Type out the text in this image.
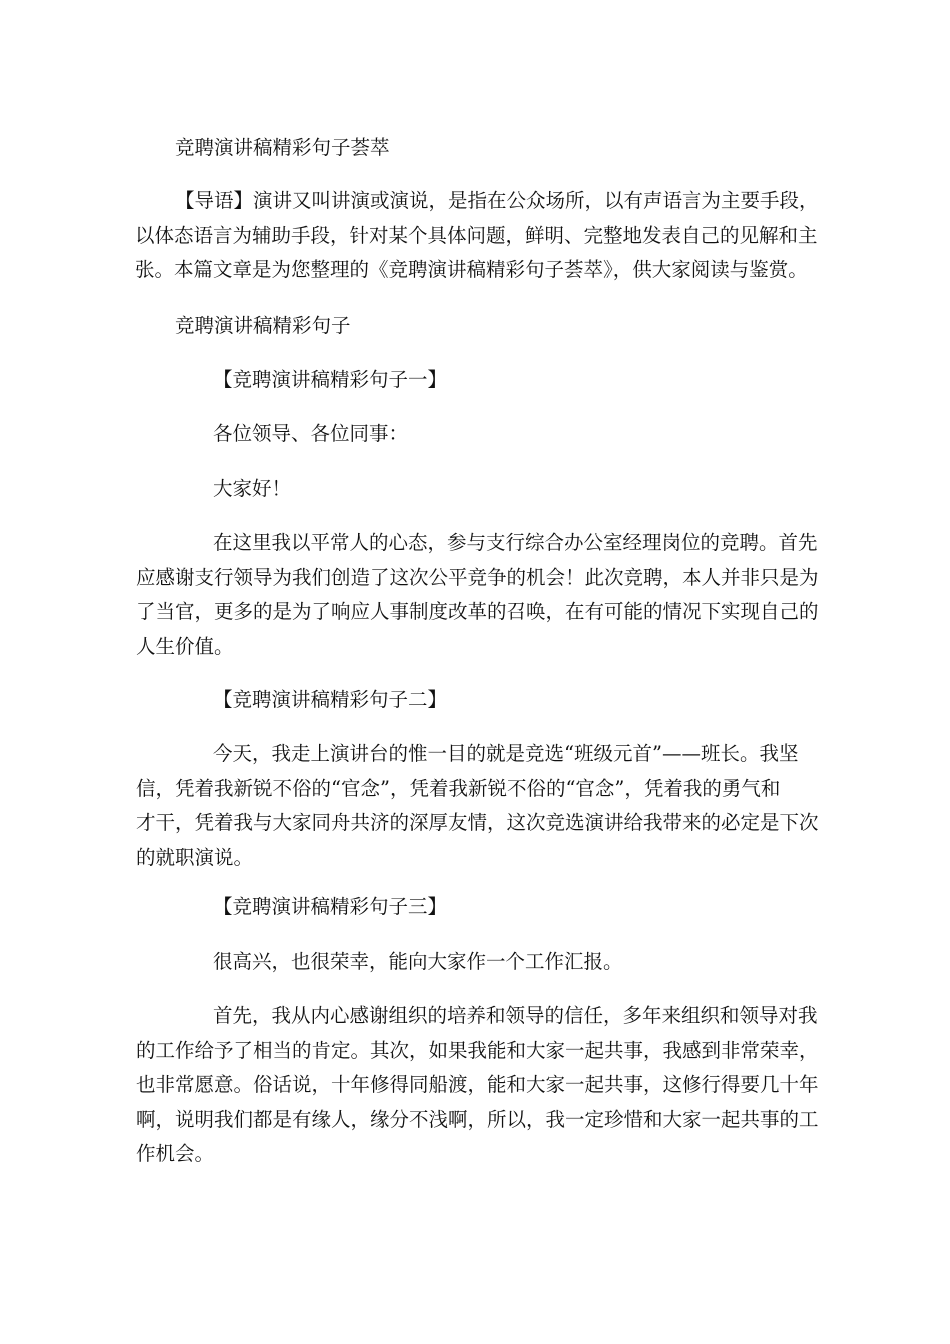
竞聘演讲稿精彩句子荟萃

【导语】演讲又叫讲演或演说，是指在公众场所，以有声语言为主要手段，
以体态语言为辅助手段，针对某个具体问题，鲜明、完整地发表自己的见解和主
张。本篇文章是为您整理的《竞聘演讲稿精彩句子荟萃》，供大家阅读与鉴赏。

竞聘演讲稿精彩句子

【竞聘演讲稿精彩句子一】

各位领导、各位同事：

大家好！

在这里我以平常人的心态，参与支行综合办公室经理岗位的竞聘。首先
应感谢支行领导为我们创造了这次公平竞争的机会！此次竞聘，本人并非只是为
了当官，更多的是为了响应人事制度改革的召唤，在有可能的情况下实现自己的
人生价值。

【竞聘演讲稿精彩句子二】

今天，我走上演讲台的惟一目的就是竞选“班级元首”——班长。我坚
信，凭着我新锐不俗的“官念”，凭着我新锐不俗的“官念”，凭着我的勇气和
才干，凭着我与大家同舟共济的深厚友情，这次竞选演讲给我带来的必定是下次
的就职演说。

【竞聘演讲稿精彩句子三】

很高兴，也很荣幸，能向大家作一个工作汇报。

首先，我从内心感谢组织的培养和领导的信任，多年来组织和领导对我
的工作给予了相当的肯定。其次，如果我能和大家一起共事，我感到非常荣幸，
也非常愿意。俗话说，十年修得同船渡，能和大家一起共事，这修行得要几十年
啊，说明我们都是有缘人，缘分不浅啊，所以，我一定珍惜和大家一起共事的工
作机会。
